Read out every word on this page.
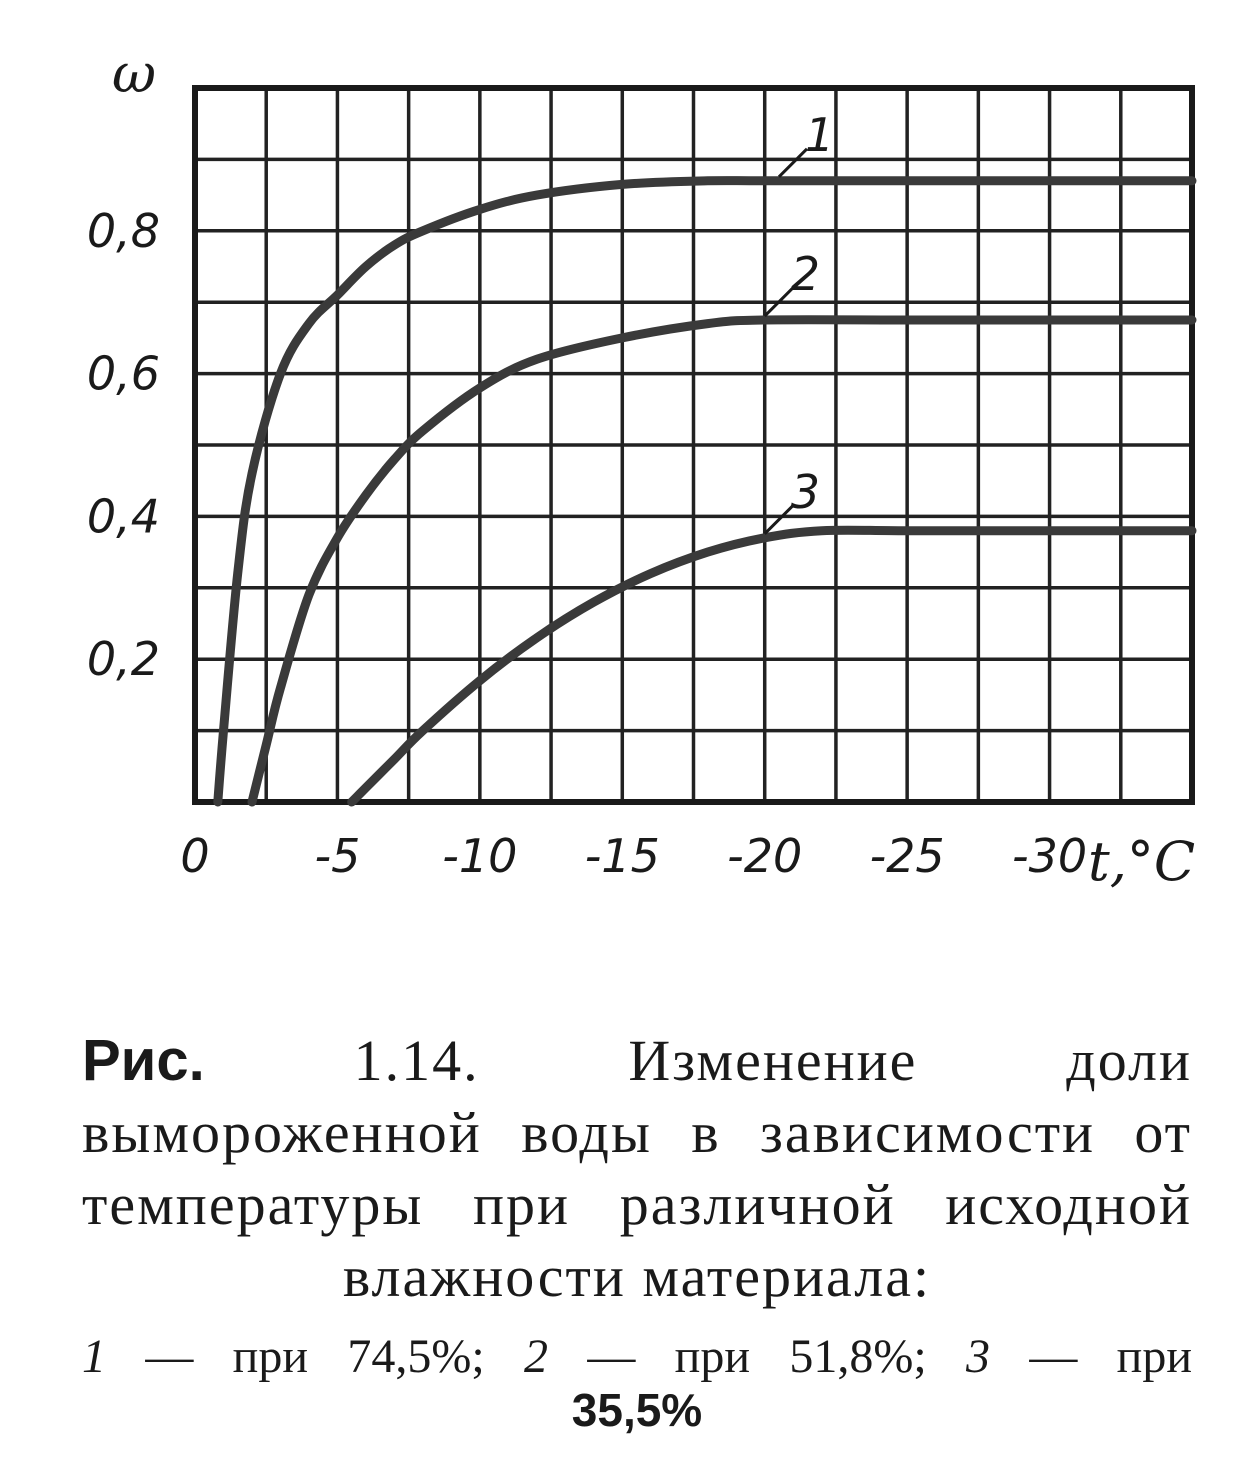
0 -5 -10 -15 -20 -25 -30
0,2
0,4
0,6
0,8
1
2
3
ω
t,°C
Рис.	1.14. Изменение доли вымороженной воды в зависимости от температуры при различной исходной влажности материала:
1 — при 74,5%; 2 — при 51,8%; 3 — при
35,5%
